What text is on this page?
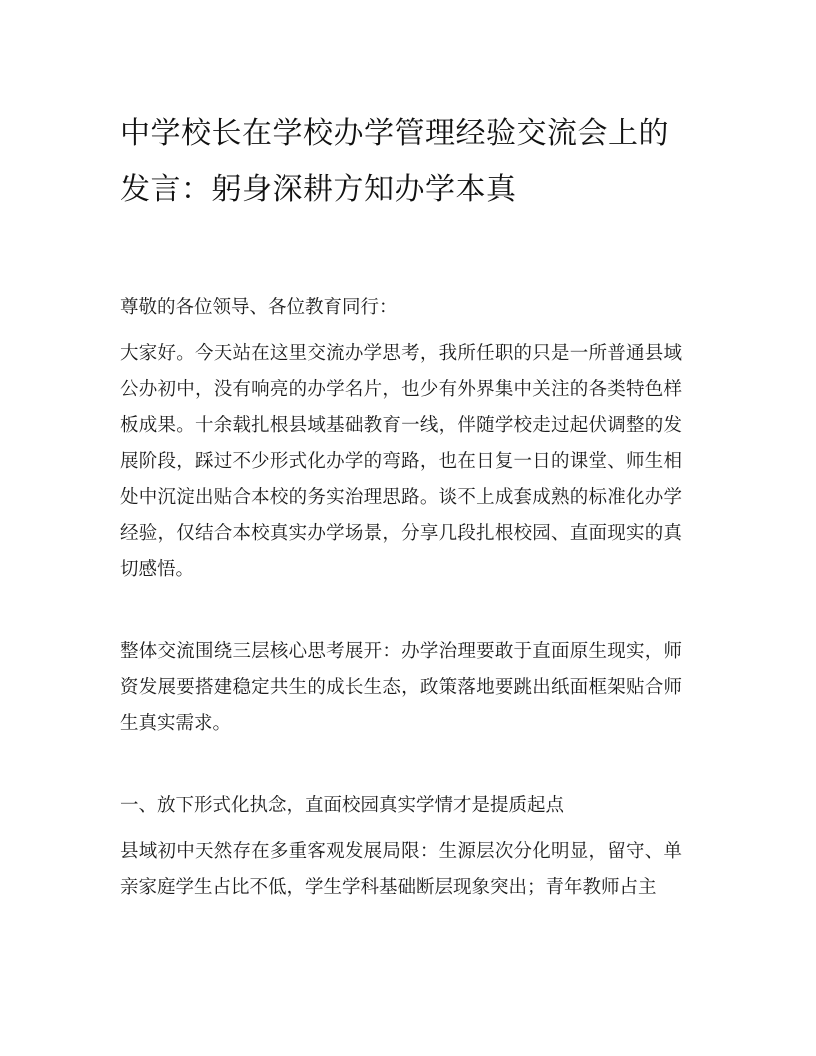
中学校长在学校办学管理经验交流会上的发言：躬身深耕方知办学本真

尊敬的各位领导、各位教育同行：

大家好。今天站在这里交流办学思考，我所任职的只是一所普通县域公办初中，没有响亮的办学名片，也少有外界集中关注的各类特色样板成果。十余载扎根县域基础教育一线，伴随学校走过起伏调整的发展阶段，踩过不少形式化办学的弯路，也在日复一日的课堂、师生相处中沉淀出贴合本校的务实治理思路。谈不上成套成熟的标准化办学经验，仅结合本校真实办学场景，分享几段扎根校园、直面现实的真切感悟。

整体交流围绕三层核心思考展开：办学治理要敢于直面原生现实，师资发展要搭建稳定共生的成长生态，政策落地要跳出纸面框架贴合师生真实需求。

一、放下形式化执念，直面校园真实学情才是提质起点

县域初中天然存在多重客观发展局限：生源层次分化明显，留守、单亲家庭学生占比不低，学生学科基础断层现象突出；青年教师占主
